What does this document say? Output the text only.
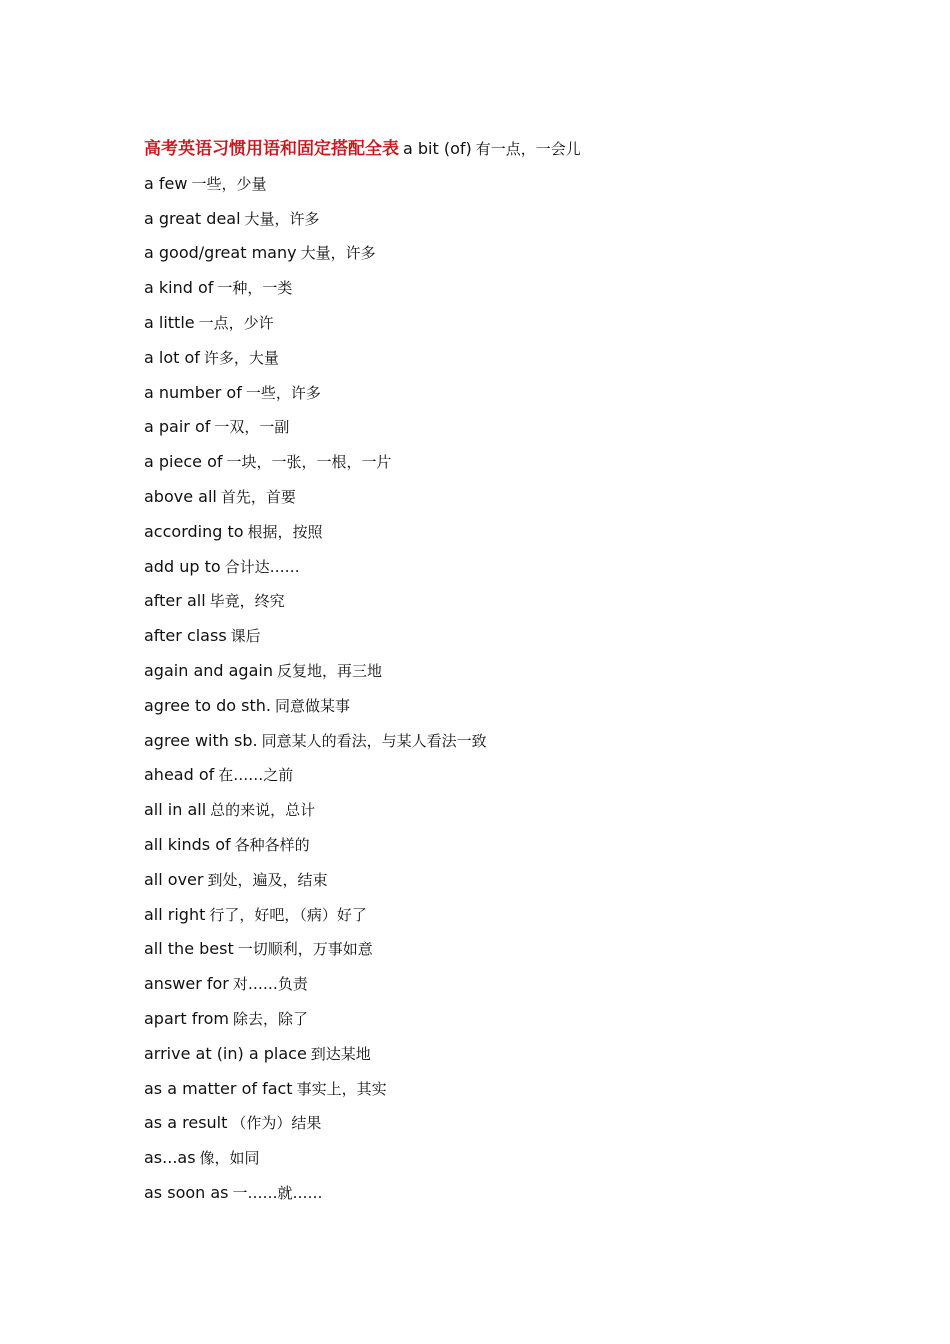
高考英语习惯用语和固定搭配全表 a bit (of) 有一点，一会儿
a few 一些，少量
a great deal 大量，许多
a good/great many 大量，许多
a kind of 一种，一类
a little 一点，少许
a lot of 许多，大量
a number of 一些，许多
a pair of 一双，一副
a piece of 一块，一张，一根，一片
above all 首先，首要
according to 根据，按照
add up to 合计达……
after all 毕竟，终究
after class 课后
again and again 反复地，再三地
agree to do sth. 同意做某事
agree with sb. 同意某人的看法，与某人看法一致
ahead of 在……之前
all in all 总的来说，总计
all kinds of 各种各样的
all over 到处，遍及，结束
all right 行了，好吧，（病）好了
all the best 一切顺利，万事如意
answer for 对……负责
apart from 除去，除了
arrive at (in) a place 到达某地
as a matter of fact 事实上，其实
as a result （作为）结果
as...as 像，如同
as soon as 一……就……
